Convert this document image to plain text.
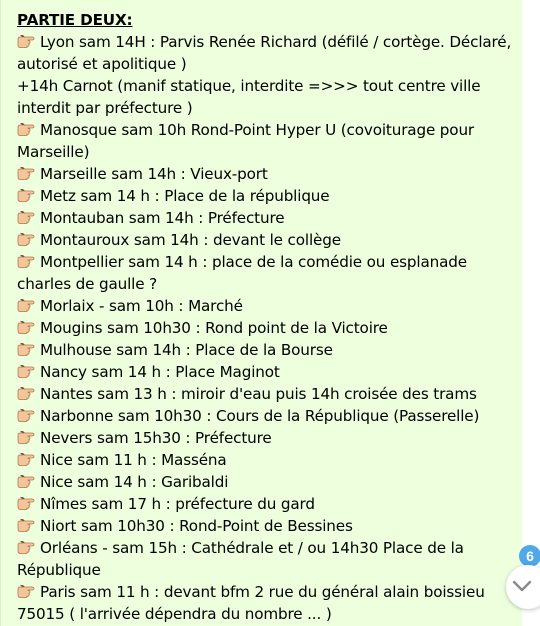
PARTIE DEUX:
Lyon sam 14H : Parvis Renée Richard (défilé / cortège. Déclaré, autorisé et apolitique )
+14h Carnot (manif statique, interdite =>>> tout centre ville interdit par préfecture )
Manosque sam 10h Rond-Point Hyper U (covoiturage pour Marseille)
Marseille sam 14h : Vieux-port
Metz sam 14 h : Place de la république
Montauban sam 14h : Préfecture
Montauroux sam 14h : devant le collège
Montpellier sam 14 h : place de la comédie ou esplanade charles de gaulle ?
Morlaix - sam 10h : Marché
Mougins sam 10h30 : Rond point de la Victoire
Mulhouse sam 14h : Place de la Bourse
Nancy sam 14 h : Place Maginot
Nantes sam 13 h : miroir d'eau puis 14h croisée des trams
Narbonne sam 10h30 : Cours de la République (Passerelle)
Nevers sam 15h30 : Préfecture
Nice sam 11 h : Masséna
Nice sam 14 h : Garibaldi
Nîmes sam 17 h : préfecture du gard
Niort sam 10h30 : Rond-Point de Bessines
Orléans - sam 15h : Cathédrale et / ou 14h30 Place de la République
Paris sam 11 h : devant bfm 2 rue du général alain boissieu 75015 ( l'arrivée dépendra du nombre ... )
6
